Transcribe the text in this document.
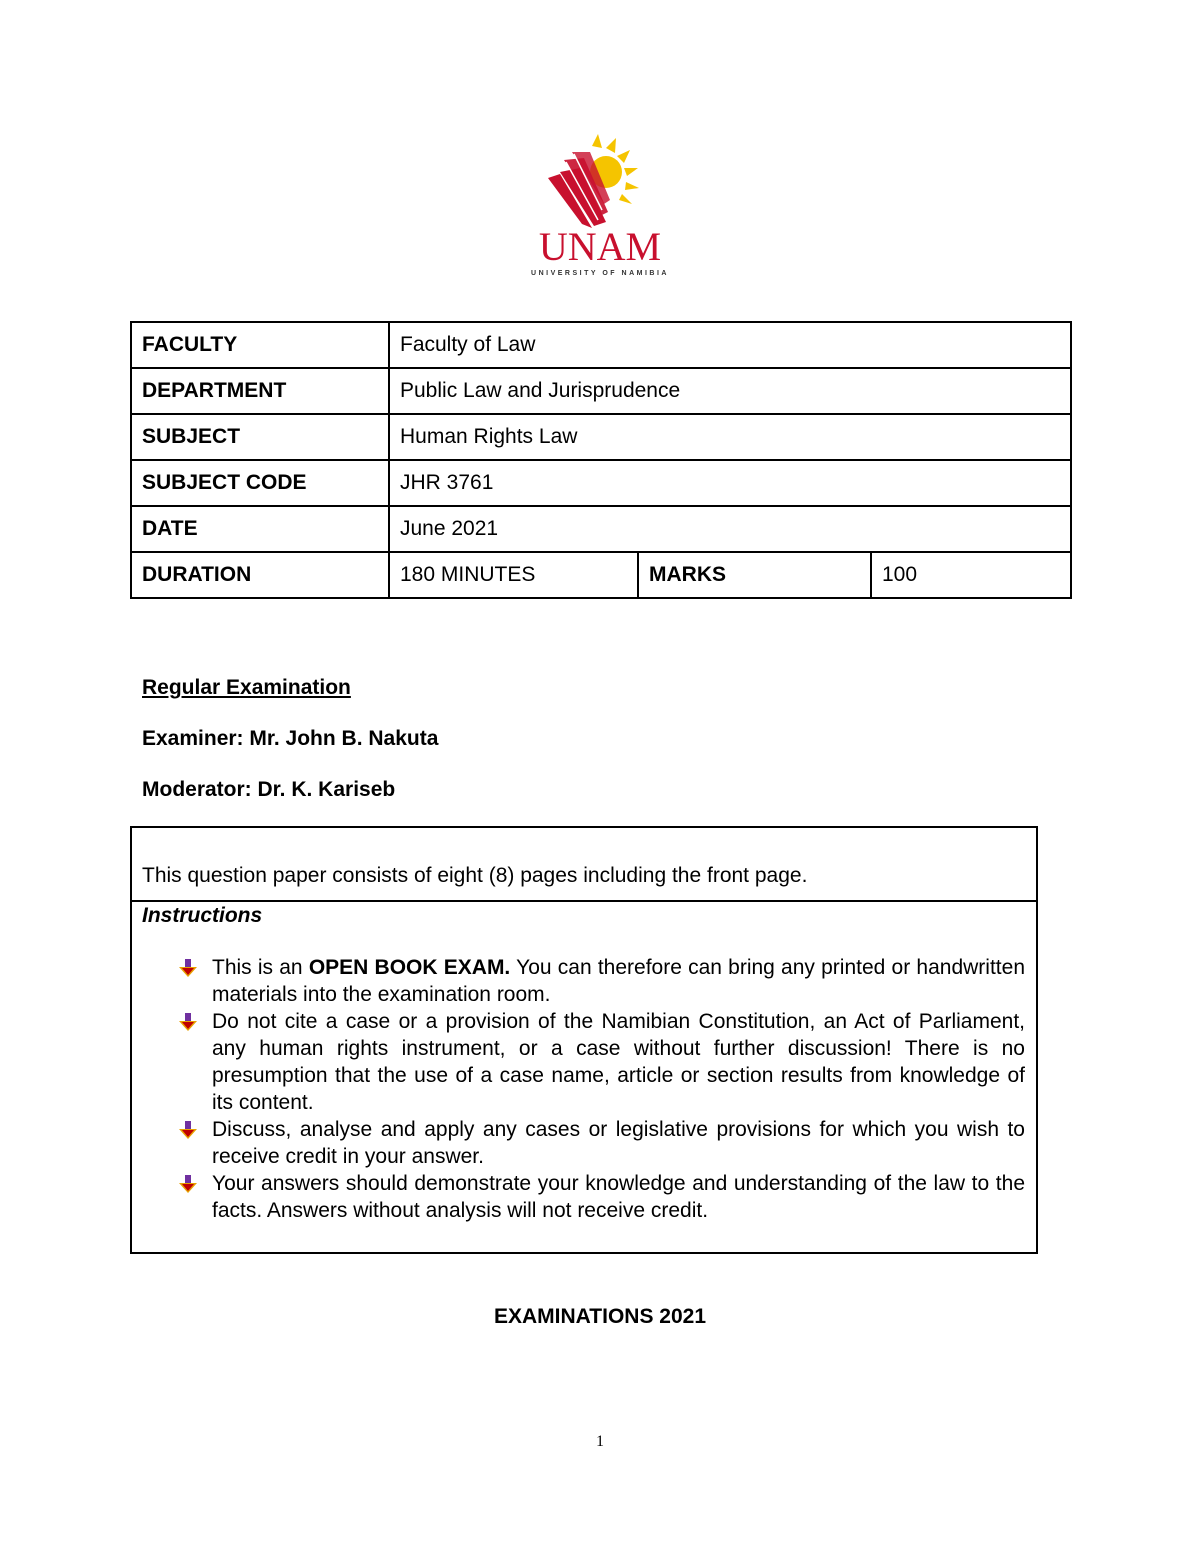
UNAM
UNIVERSITY OF NAMIBIA
FACULTY	Faculty of Law		
DEPARTMENT	Public Law and Jurisprudence		
SUBJECT	Human Rights Law		
SUBJECT CODE	JHR 3761		
DATE	June 2021		
DURATION	180 MINUTES	MARKS	100
Regular Examination
Examiner: Mr. John B. Nakuta
Moderator: Dr. K. Kariseb
This question paper consists of eight (8) pages including the front page.
Instructions
This is an OPEN BOOK EXAM. You can therefore can bring any printed or handwritten materials into the examination room.
Do not cite a case or a provision of the Namibian Constitution, an Act of Parliament, any human rights instrument, or a case without further discussion! There is no presumption that the use of a case name, article or section results from knowledge of its content.
Discuss, analyse and apply any cases or legislative provisions for which you wish to receive credit in your answer.
Your answers should demonstrate your knowledge and understanding of the law to the facts. Answers without analysis will not receive credit.
EXAMINATIONS 2021
1
